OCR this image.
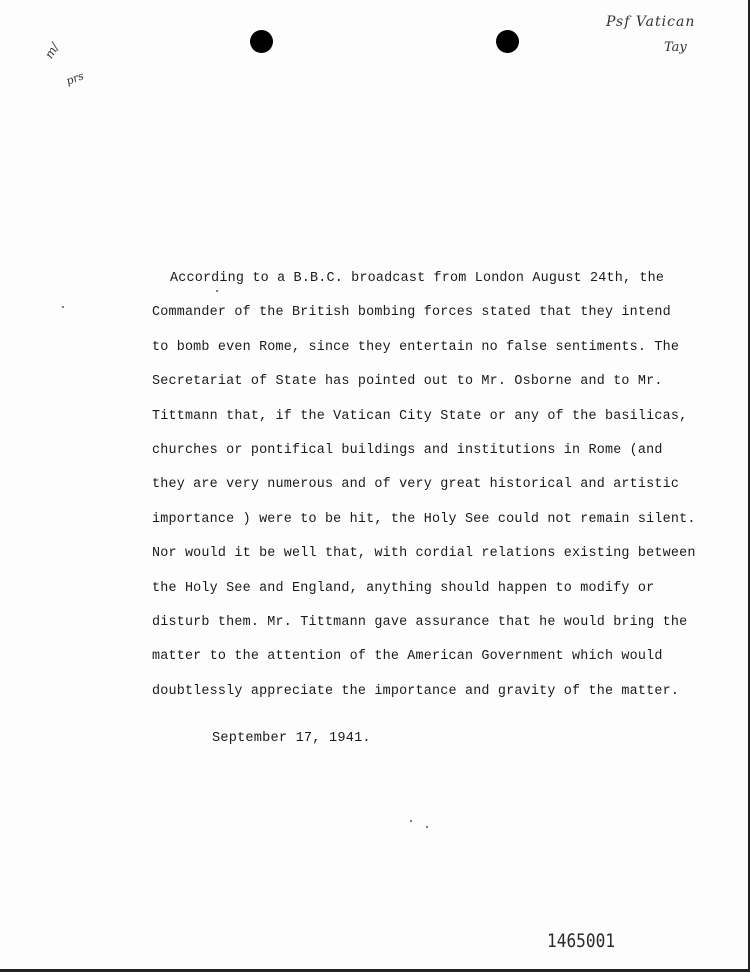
Psf Vatican
Tay
m/
prs
According to a B.B.C. broadcast from London August 24th, the
Commander of the British bombing forces stated that they intend
to bomb even Rome, since they entertain no false sentiments. The
Secretariat of State has pointed out to Mr. Osborne and to Mr.
Tittmann that, if the Vatican City State or any of the basilicas,
churches or pontifical buildings and institutions in Rome (and
they are very numerous and of very great historical and artistic
importance ) were to be hit, the Holy See could not remain silent.
Nor would it be well that, with cordial relations existing between
the Holy See and England, anything should happen to modify or
disturb them. Mr. Tittmann gave assurance that he would bring the
matter to the attention of the American Government which would
doubtlessly appreciate the importance and gravity of the matter.
September 17, 1941.
1465001
